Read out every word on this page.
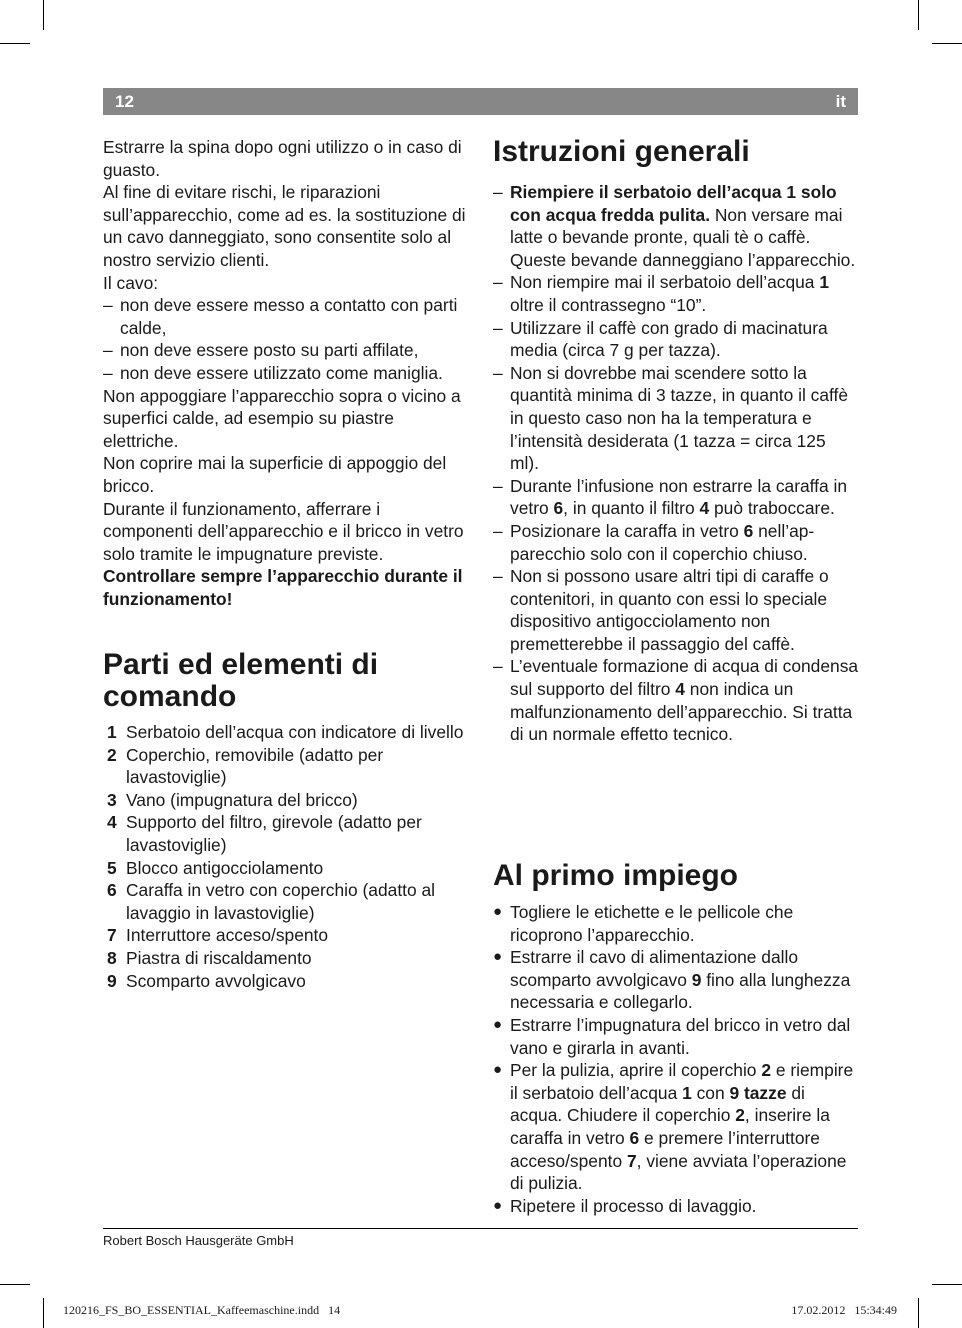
12	it

Estrarre la spina dopo ogni utilizzo o in caso di guasto.

Al fine di evitare rischi, le riparazioni sull’apparecchio, come ad es. la sostituzione di un cavo danneggiato, sono consentite solo al nostro servizio clienti.

Il cavo:

– non deve essere messo a contatto con parti calde,
– non deve essere posto su parti affilate,
– non deve essere utilizzato come maniglia.

Non appoggiare l’apparecchio sopra o vicino a superfici calde, ad esempio su piastre elettriche.

Non coprire mai la superficie di appoggio del bricco.

Durante il funzionamento, afferrare i componenti dell’apparecchio e il bricco in vetro solo tramite le impugnature previste.

Controllare sempre l’apparecchio durante il funzionamento!

Parti ed elementi di comando
1 Serbatoio dell’acqua con indicatore di livello
2 Coperchio, removibile (adatto per lavastoviglie)
3 Vano (impugnatura del bricco)
4 Supporto del filtro, girevole (adatto per lavastoviglie)
5 Blocco antigocciolamento
6 Caraffa in vetro con coperchio (adatto al lavaggio in lavastoviglie)
7 Interruttore acceso/spento
8 Piastra di riscaldamento
9 Scomparto avvolgicavo
Istruzioni generali
– Riempiere il serbatoio dell’acqua 1 solo con acqua fredda pulita. Non versare mai latte o bevande pronte, quali tè o caffè. Queste bevande danneggiano l’apparecchio.
– Non riempire mai il serbatoio dell’acqua 1 oltre il contrassegno “10”.
– Utilizzare il caffè con grado di macinatura media (circa 7 g per tazza).
– Non si dovrebbe mai scendere sotto la quantità minima di 3 tazze, in quanto il caffè in questo caso non ha la temperatura e l’intensità desiderata (1 tazza = circa 125 ml).
– Durante l’infusione non estrarre la caraffa in vetro 6, in quanto il filtro 4 può traboccare.
– Posizionare la caraffa in vetro 6 nell’apparecchio solo con il coperchio chiuso.
– Non si possono usare altri tipi di caraffe o contenitori, in quanto con essi lo speciale dispositivo antigocciolamento non premetterebbe il passaggio del caffè.
– L’eventuale formazione di acqua di condensa sul supporto del filtro 4 non indica un malfunzionamento dell’apparecchio. Si tratta di un normale effetto tecnico.
Al primo impiego
● Togliere le etichette e le pellicole che ricoprono l’apparecchio.
● Estrarre il cavo di alimentazione dallo scomparto avvolgicavo 9 fino alla lunghezza necessaria e collegarlo.
● Estrarre l’impugnatura del bricco in vetro dal vano e girarla in avanti.
● Per la pulizia, aprire il coperchio 2 e riempire il serbatoio dell’acqua 1 con 9 tazze di acqua. Chiudere il coperchio 2, inserire la caraffa in vetro 6 e premere l’interruttore acceso/spento 7, viene avviata l’operazione di pulizia.
● Ripetere il processo di lavaggio.
Robert Bosch Hausgeräte GmbH
120216_FS_BO_ESSENTIAL_Kaffeemaschine.indd   14	17.02.2012   15:34:49
